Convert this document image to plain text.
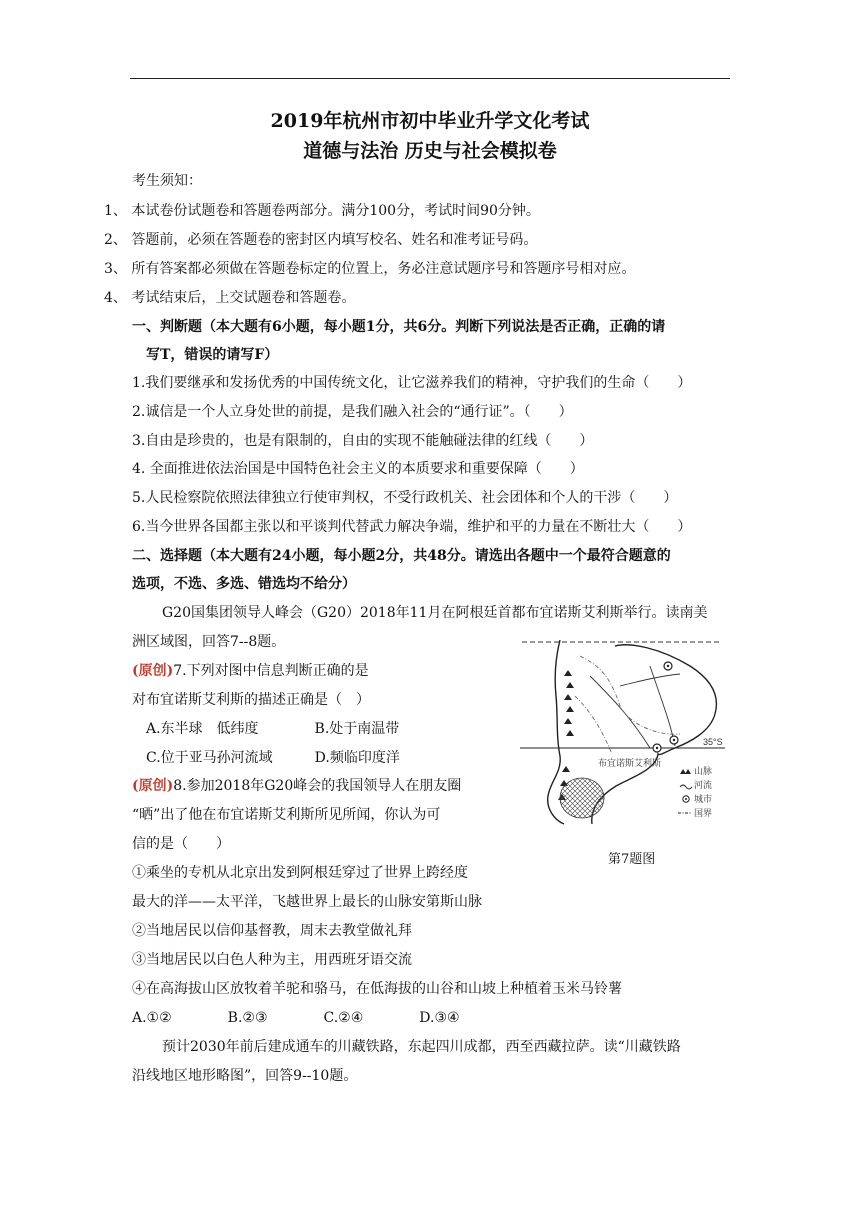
2019年杭州市初中毕业升学文化考试
道德与法治 历史与社会模拟卷
考生须知：
1、 本试卷份试题卷和答题卷两部分。满分100分，考试时间90分钟。
2、 答题前，必须在答题卷的密封区内填写校名、姓名和准考证号码。
3、 所有答案都必须做在答题卷标定的位置上，务必注意试题序号和答题序号相对应。
4、 考试结束后，上交试题卷和答题卷。
一、判断题（本大题有6小题，每小题1分，共6分。判断下列说法是否正确，正确的请
写T，错误的请写F）
1.我们要继承和发扬优秀的中国传统文化，让它滋养我们的精神，守护我们的生命（　　）
2.诚信是一个人立身处世的前提，是我们融入社会的“通行证”。（　　）
3.自由是珍贵的，也是有限制的，自由的实现不能触碰法律的红线（　　）
4. 全面推进依法治国是中国特色社会主义的本质要求和重要保障（　　）
5.人民检察院依照法律独立行使审判权，不受行政机关、社会团体和个人的干涉（　　）
6.当今世界各国都主张以和平谈判代替武力解决争端，维护和平的力量在不断壮大（　　）
二、选择题（本大题有24小题，每小题2分，共48分。请选出各题中一个最符合题意的
选项，不选、多选、错选均不给分）
G20国集团领导人峰会（G20）2018年11月在阿根廷首都布宜诺斯艾利斯举行。读南美
洲区域图，回答7--8题。
(原创)7.下列对图中信息判断正确的是
对布宜诺斯艾利斯的描述正确是（　）
A.东半球　低纬度　　　　B.处于南温带
C.位于亚马孙河流域　　　D.频临印度洋
(原创)8.参加2018年G20峰会的我国领导人在朋友圈
“晒”出了他在布宜诺斯艾利斯所见所闻，你认为可
信的是（　　）
①乘坐的专机从北京出发到阿根廷穿过了世界上跨经度
最大的洋——太平洋，飞越世界上最长的山脉安第斯山脉
②当地居民以信仰基督教，周末去教堂做礼拜
③当地居民以白色人种为主，用西班牙语交流
④在高海拔山区放牧着羊驼和骆马，在低海拔的山谷和山坡上种植着玉米马铃薯
A.①②　　　　B.②③　　　　C.②④　　　　D.③④
预计2030年前后建成通车的川藏铁路，东起四川成都，西至西藏拉萨。读“川藏铁路
沿线地区地形略图”，回答9--10题。
35°S
布宜诺斯艾利斯
山脉
河流
城市
国界
第7题图
